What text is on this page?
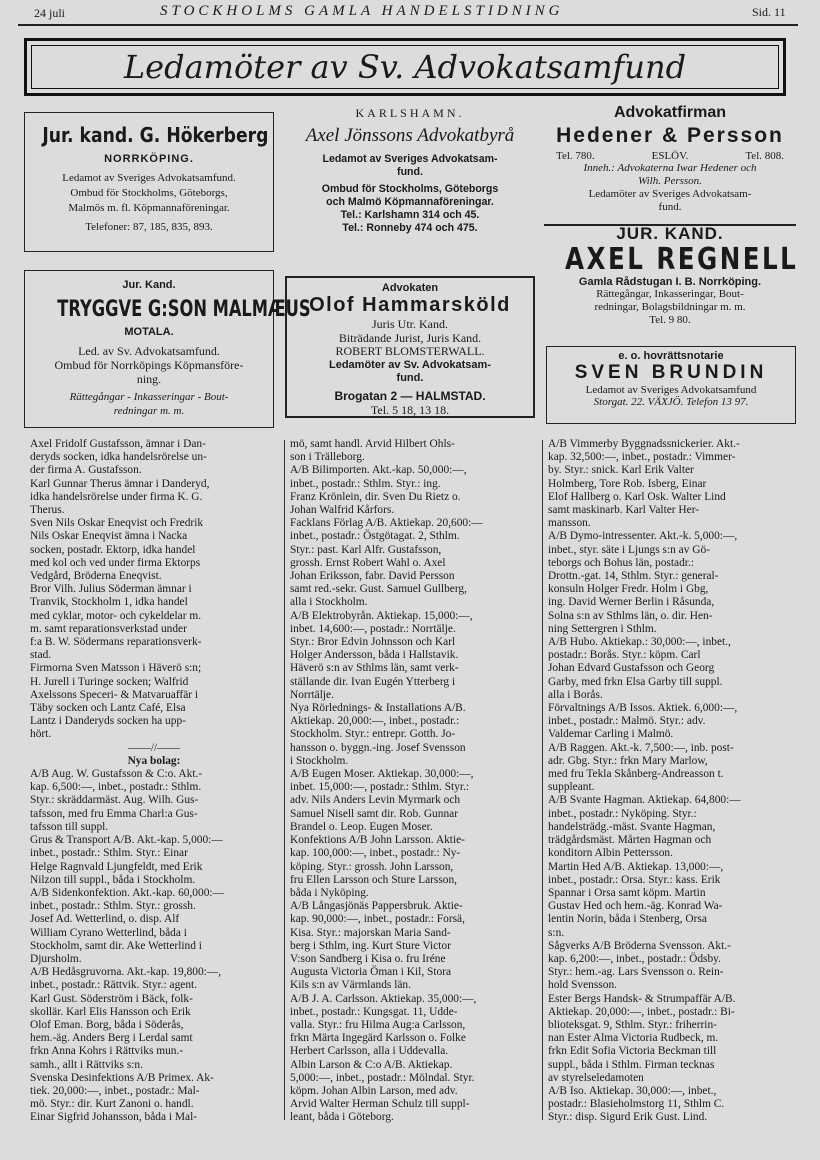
24 juli	STOCKHOLMS GAMLA HANDELSTIDNING	Sid. 11
Ledamöter av Sv. Advokatsamfund
Jur. kand. G. Hökerberg
NORRKÖPING.
Ledamot av Sveriges Advokatsamfund.
Ombud för Stockholms, Göteborgs,
Malmös m. fl. Köpmannaföreningar.
Telefoner: 87, 185, 835, 893.
KARLSHAMN.
Axel Jönssons Advokatbyrå
Ledamot av Sveriges Advokatsam-
fund.
Ombud för Stockholms, Göteborgs
och Malmö Köpmannaföreningar.
Tel.: Karlshamn 314 och 45.
Tel.: Ronneby 474 och 475.
Advokatfirman
Hedener & Persson
Tel. 780.	ESLÖV.	Tel. 808.
Inneh.: Advokaterna Iwar Hedener och
Wilh. Persson.
Ledamöter av Sveriges Advokatsam-
fund.
JUR. KAND.
AXEL REGNELL
Gamla Rådstugan I. B. Norrköping.
Rättegångar, Inkasseringar, Bout-
redningar, Bolagsbildningar m. m.
Tel. 9 80.
Jur. Kand.
TRYGGVE G:SON MALMÆUS
MOTALA.
Led. av Sv. Advokatsamfund.
Ombud för Norrköpings Köpmansföre-
ning.
Rättegångar - Inkasseringar - Bout-
redningar m. m.
Advokaten
Olof Hammarsköld
Juris Utr. Kand.
Biträdande Jurist, Juris Kand.
ROBERT BLOMSTERWALL.
Ledamöter av Sv. Advokatsam-
fund.
Brogatan 2 — HALMSTAD.
Tel. 5 18, 13 18.
e. o. hovrättsnotarie
SVEN BRUNDIN
Ledamot av Sveriges Advokatsamfund
Storgat. 22. VÄXJÖ. Telefon 13 97.

Axel Fridolf Gustafsson, ämnar i Dan-

deryds socken, idka handelsrörelse un-

der firma A. Gustafsson.

Karl Gunnar Therus ämnar i Danderyd,

idka handelsrörelse under firma K. G.

Therus.

Sven Nils Oskar Eneqvist och Fredrik

Nils Oskar Eneqvist ämna i Nacka

socken, postadr. Ektorp, idka handel

med kol och ved under firma Ektorps

Vedgård, Bröderna Eneqvist.

Bror Vilh. Julius Söderman ämnar i

Tranvik, Stockholm 1, idka handel

med cyklar, motor- och cykeldelar m.

m. samt reparationsverkstad under

f:a B. W. Södermans reparationsverk-

stad.

Firmorna Sven Matsson i Häverö s:n;

H. Jurell i Turinge socken; Walfrid

Axelssons Speceri- & Matvaruaffär i

Täby socken och Lantz Café, Elsa

Lantz i Danderyds socken ha upp-

hört.

——//——

Nya bolag:

A/B Aug. W. Gustafsson & C:o. Akt.-

kap. 6,500:—, inbet., postadr.: Sthlm.

Styr.: skräddarmäst. Aug. Wilh. Gus-

tafsson, med fru Emma Charl:a Gus-

tafsson till suppl.

Grus & Transport A/B. Akt.-kap. 5,000:—

inbet., postadr.: Sthlm. Styr.: Einar

Helge Ragnvald Ljungfeldt, med Erik

Nilzon till suppl., båda i Stockholm.

A/B Sidenkonfektion. Akt.-kap. 60,000:—

inbet., postadr.: Sthlm. Styr.: grossh.

Josef Ad. Wetterlind, o. disp. Alf

William Cyrano Wetterlind, båda i

Stockholm, samt dir. Ake Wetterlind i

Djursholm.

A/B Hedåsgruvorna. Akt.-kap. 19,800:—,

inbet., postadr.: Rättvik. Styr.: agent.

Karl Gust. Söderström i Bäck, folk-

skollär. Karl Elis Hansson och Erik

Olof Eman. Borg, båda i Söderås,

hem.-äg. Anders Berg i Lerdal samt

frkn Anna Kohrs i Rättviks mun.-

samh., allt i Rättviks s:n.

Svenska Desinfektions A/B Primex. Ak-

tiek. 20,000:—, inbet., postadr.: Mal-

mö. Styr.: dir. Kurt Zanoni o. handl.

Einar Sigfrid Johansson, båda i Mal-

mö, samt handl. Arvid Hilbert Ohls-

son i Trälleborg.

A/B Bilimporten. Akt.-kap. 50,000:—,

inbet., postadr.: Sthlm. Styr.: ing.

Franz Krönlein, dir. Sven Du Rietz o.

Johan Walfrid Kårfors.

Facklans Förlag A/B. Aktiekap. 20,600:—

inbet., postadr.: Östgötagat. 2, Sthlm.

Styr.: past. Karl Alfr. Gustafsson,

grossh. Ernst Robert Wahl o. Axel

Johan Eriksson, fabr. David Persson

samt red.-sekr. Gust. Samuel Gullberg,

alla i Stockholm.

A/B Elektrobyrån. Aktiekap. 15,000:—,

inbet. 14,600:—, postadr.: Norrtälje.

Styr.: Bror Edvin Johnsson och Karl

Holger Andersson, båda i Hallstavik.

Häverö s:n av Sthlms län, samt verk-

ställande dir. Ivan Eugén Ytterberg i

Norrtälje.

Nya Rörlednings- & Installations A/B.

Aktiekap. 20,000:—, inbet., postadr.:

Stockholm. Styr.: entrepr. Gotth. Jo-

hansson o. byggn.-ing. Josef Svensson

i Stockholm.

A/B Eugen Moser. Aktiekap. 30,000:—,

inbet. 15,000:—, postadr.: Sthlm. Styr.:

adv. Nils Anders Levin Myrmark och

Samuel Nisell samt dir. Rob. Gunnar

Brandel o. Leop. Eugen Moser.

Konfektions A/B John Larsson. Aktie-

kap. 100,000:—, inbet., postadr.: Ny-

köping. Styr.: grossh. John Larsson,

fru Ellen Larsson och Sture Larsson,

båda i Nyköping.

A/B Långasjönäs Pappersbruk. Aktie-

kap. 90,000:—, inbet., postadr.: Forsä,

Kisa. Styr.: majorskan Maria Sand-

berg i Sthlm, ing. Kurt Sture Victor

V:son Sandberg i Kisa o. fru Iréne

Augusta Victoria Öman i Kil, Stora

Kils s:n av Värmlands län.

A/B J. A. Carlsson. Aktiekap. 35,000:—,

inbet., postadr.: Kungsgat. 11, Udde-

valla. Styr.: fru Hilma Aug:a Carlsson,

frkn Märta Ingegärd Karlsson o. Folke

Herbert Carlsson, alla i Uddevalla.

Albin Larson & C:o A/B. Aktiekap.

5,000:—, inbet., postadr.: Mölndal. Styr.

köpm. Johan Albin Larson, med adv.

Arvid Walter Herman Schulz till suppl-

leant, båda i Göteborg.

A/B Vimmerby Byggnadssnickerier. Akt.-

kap. 32,500:—, inbet., postadr.: Vimmer-

by. Styr.: snick. Karl Erik Valter

Holmberg, Tore Rob. Isberg, Einar

Elof Hallberg o. Karl Osk. Walter Lind

samt maskinarb. Karl Valter Her-

mansson.

A/B Dymo-intressenter. Akt.-k. 5,000:—,

inbet., styr. säte i Ljungs s:n av Gö-

teborgs och Bohus län, postadr.:

Drottn.-gat. 14, Sthlm. Styr.: general-

konsuln Holger Fredr. Holm i Gbg,

ing. David Werner Berlin i Råsunda,

Solna s:n av Sthlms län, o. dir. Hen-

ning Settergren i Sthlm.

A/B Hubo. Aktiekap.: 30,000:—, inbet.,

postadr.: Borås. Styr.: köpm. Carl

Johan Edvard Gustafsson och Georg

Garby, med frkn Elsa Garby till suppl.

alla i Borås.

Förvaltnings A/B Issos. Aktiek. 6,000:—,

inbet., postadr.: Malmö. Styr.: adv.

Valdemar Carling i Malmö.

A/B Raggen. Akt.-k. 7,500:—, inb. post-

adr. Gbg. Styr.: frkn Mary Marlow,

med fru Tekla Skånberg-Andreasson t.

suppleant.

A/B Svante Hagman. Aktiekap. 64,800:—

inbet., postadr.: Nyköping. Styr.:

handelsträdg.-mäst. Svante Hagman,

trädgårdsmäst. Mårten Hagman och

konditorn Albin Pettersson.

Martin Hed A/B. Aktiekap. 13,000:—,

inbet., postadr.: Orsa. Styr.: kass. Erik

Spannar i Orsa samt köpm. Martin

Gustav Hed och hem.-äg. Konrad Wa-

lentin Norin, båda i Stenberg, Orsa

s:n.

Sågverks A/B Bröderna Svensson. Akt.-

kap. 6,200:—, inbet., postadr.: Ödsby.

Styr.: hem.-ag. Lars Svensson o. Rein-

hold Svensson.

Ester Bergs Handsk- & Strumpaffär A/B.

Aktiekap. 20,000:—, inbet., postadr.: Bi-

blioteksgat. 9, Sthlm. Styr.: friherrin-

nan Ester Alma Victoria Rudbeck, m.

frkn Edit Sofia Victoria Beckman till

suppl., båda i Sthlm. Firman tecknas

av styrelseledamoten

A/B Iso. Aktiekap. 30,000:—, inbet.,

postadr.: Blasieholmstorg 11, Sthlm C.

Styr.: disp. Sigurd Erik Gust. Lind.
